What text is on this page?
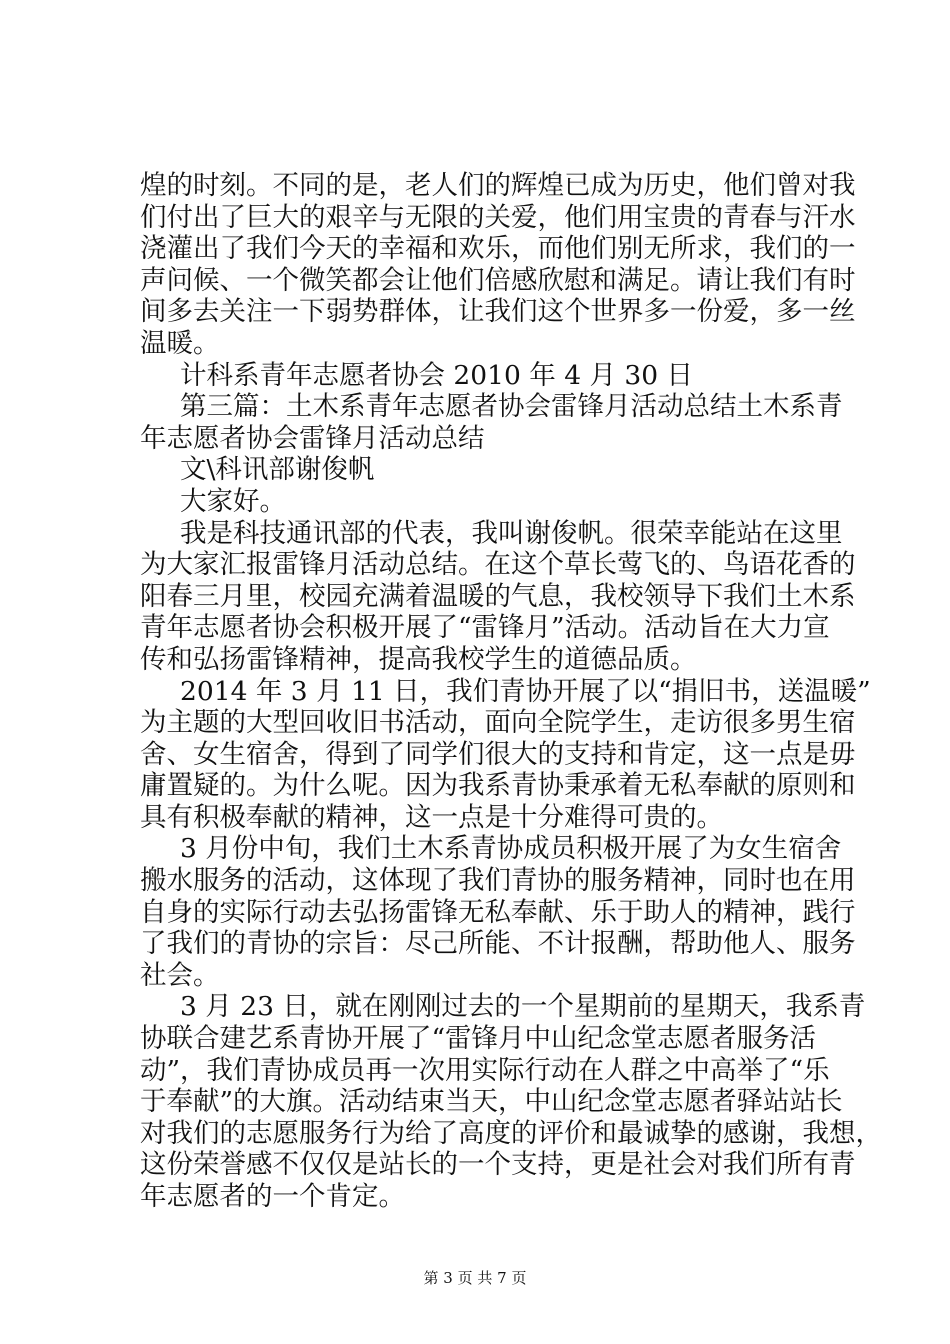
煌的时刻。不同的是，老人们的辉煌已成为历史，他们曾对我
们付出了巨大的艰辛与无限的关爱，他们用宝贵的青春与汗水
浇灌出了我们今天的幸福和欢乐，而他们别无所求，我们的一
声问候、一个微笑都会让他们倍感欣慰和满足。请让我们有时
间多去关注一下弱势群体，让我们这个世界多一份爱，多一丝
温暖。
计科系青年志愿者协会 2010 年 4 月 30 日
第三篇：土木系青年志愿者协会雷锋月活动总结土木系青
年志愿者协会雷锋月活动总结
文\科讯部谢俊帆
大家好。
我是科技通讯部的代表，我叫谢俊帆。很荣幸能站在这里
为大家汇报雷锋月活动总结。在这个草长莺飞的、鸟语花香的
阳春三月里，校园充满着温暖的气息，我校领导下我们土木系
青年志愿者协会积极开展了“雷锋月”活动。活动旨在大力宣
传和弘扬雷锋精神，提高我校学生的道德品质。
2014 年 3 月 11 日，我们青协开展了以“捐旧书，送温暖”
为主题的大型回收旧书活动，面向全院学生，走访很多男生宿
舍、女生宿舍，得到了同学们很大的支持和肯定，这一点是毋
庸置疑的。为什么呢。因为我系青协秉承着无私奉献的原则和
具有积极奉献的精神，这一点是十分难得可贵的。
3 月份中旬，我们土木系青协成员积极开展了为女生宿舍
搬水服务的活动，这体现了我们青协的服务精神，同时也在用
自身的实际行动去弘扬雷锋无私奉献、乐于助人的精神，践行
了我们的青协的宗旨：尽己所能、不计报酬，帮助他人、服务
社会。
3 月 23 日，就在刚刚过去的一个星期前的星期天，我系青
协联合建艺系青协开展了“雷锋月中山纪念堂志愿者服务活
动”，我们青协成员再一次用实际行动在人群之中高举了“乐
于奉献”的大旗。活动结束当天，中山纪念堂志愿者驿站站长
对我们的志愿服务行为给了高度的评价和最诚挚的感谢，我想，
这份荣誉感不仅仅是站长的一个支持，更是社会对我们所有青
年志愿者的一个肯定。
第 3 页 共 7 页
